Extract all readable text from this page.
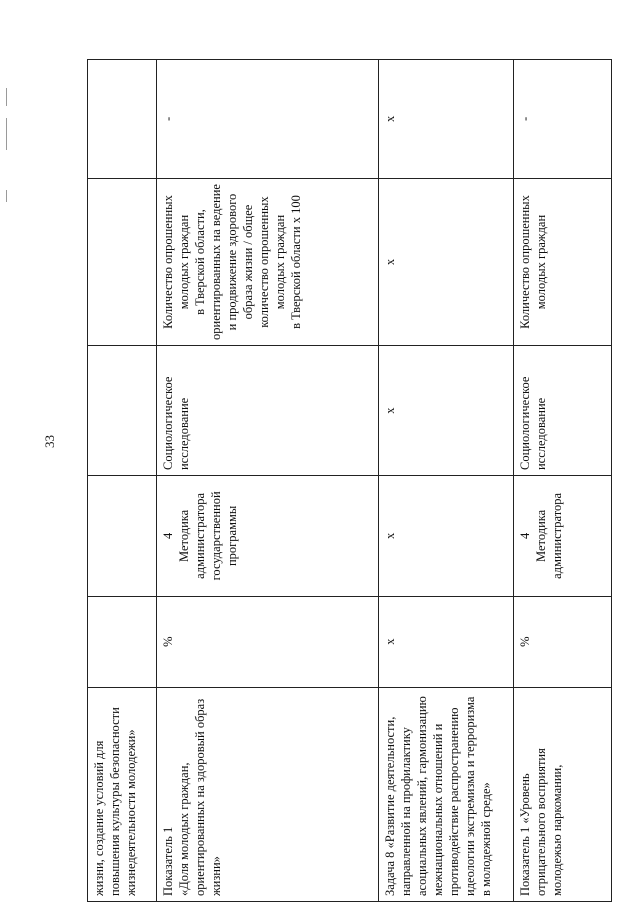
33
жизни, создание условий для повышения культуры безопасности жизнедеятельности молодежи»	Показатель 1
«Доля молодых граждан, ориентированных на здоровый образ жизни»
%
4
Методика администратора государственной программы
Социологическое исследование
Количество опрошенных молодых граждан
в Тверской области, ориентированных на ведение и продвижение здорового образа жизни / общее количество опрошенных молодых граждан
в Тверской области х 100
-
Задача 8 «Развитие деятельности, направленной на профилактику асоциальных явлений, гармонизацию межнациональных отношений и противодействие распространению идеологии экстремизма и терроризма в молодежной среде»
х
х
х
х
х
Показатель 1 «Уровень отрицательного восприятия молодежью наркомании,
%
4
Методика администратора
Социологическое исследование
Количество опрошенных молодых граждан
-
